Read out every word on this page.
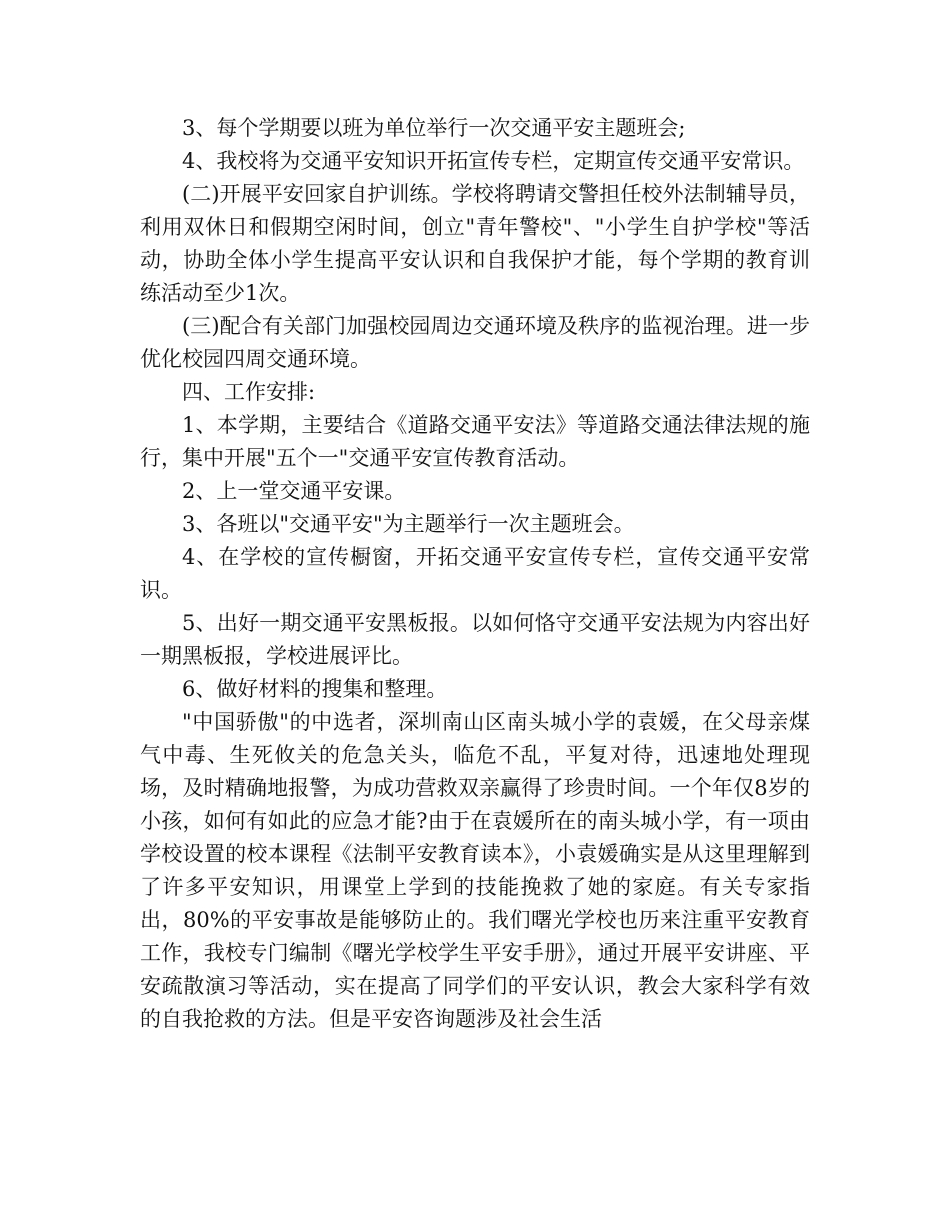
3、每个学期要以班为单位举行一次交通平安主题班会;

4、我校将为交通平安知识开拓宣传专栏，定期宣传交通平安常识。

(二)开展平安回家自护训练。学校将聘请交警担任校外法制辅导员，利用双休日和假期空闲时间，创立"青年警校"、"小学生自护学校"等活动，协助全体小学生提高平安认识和自我保护才能，每个学期的教育训练活动至少1次。

(三)配合有关部门加强校园周边交通环境及秩序的监视治理。进一步优化校园四周交通环境。

四、工作安排:

1、本学期，主要结合《道路交通平安法》等道路交通法律法规的施行，集中开展"五个一"交通平安宣传教育活动。

2、上一堂交通平安课。

3、各班以"交通平安"为主题举行一次主题班会。

4、在学校的宣传橱窗，开拓交通平安宣传专栏，宣传交通平安常识。

5、出好一期交通平安黑板报。以如何恪守交通平安法规为内容出好一期黑板报，学校进展评比。

6、做好材料的搜集和整理。

"中国骄傲"的中选者，深圳南山区南头城小学的袁媛，在父母亲煤气中毒、生死攸关的危急关头，临危不乱，平复对待，迅速地处理现场，及时精确地报警，为成功营救双亲赢得了珍贵时间。一个年仅8岁的小孩，如何有如此的应急才能?由于在袁媛所在的南头城小学，有一项由学校设置的校本课程《法制平安教育读本》，小袁媛确实是从这里理解到了许多平安知识，用课堂上学到的技能挽救了她的家庭。有关专家指出，80%的平安事故是能够防止的。我们曙光学校也历来注重平安教育工作，我校专门编制《曙光学校学生平安手册》，通过开展平安讲座、平安疏散演习等活动，实在提高了同学们的平安认识，教会大家科学有效的自我抢救的方法。但是平安咨询题涉及社会生活
